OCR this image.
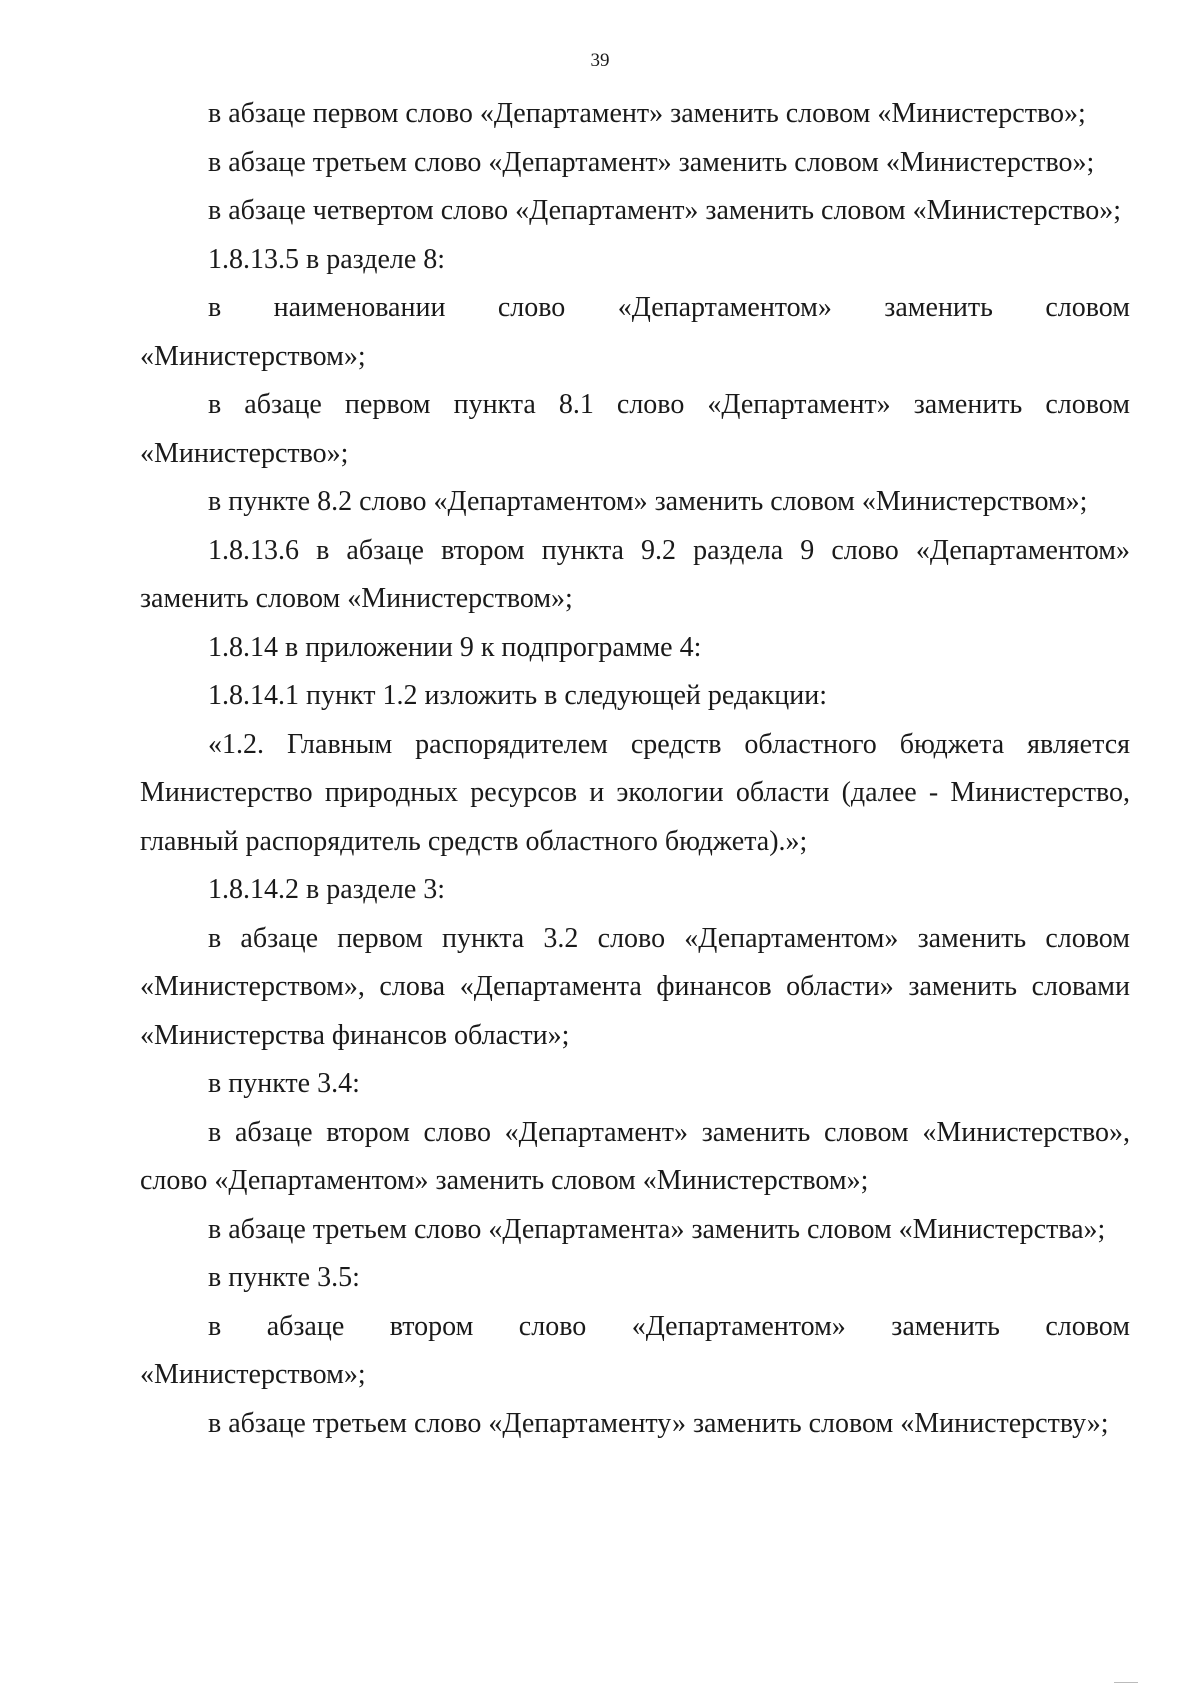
39

в абзаце первом слово «Департамент» заменить словом «Министерство»;

в абзаце третьем слово «Департамент» заменить словом «Министерство»;

в абзаце четвертом слово «Департамент» заменить словом «Министерство»;

1.8.13.5 в разделе 8:

в наименовании слово «Департаментом» заменить словом «Министерством»;

в абзаце первом пункта 8.1 слово «Департамент» заменить словом «Министерство»;

в пункте 8.2 слово «Департаментом» заменить словом «Министерством»;

1.8.13.6 в абзаце втором пункта 9.2 раздела 9 слово «Департаментом» заменить словом «Министерством»;

1.8.14 в приложении 9 к подпрограмме 4:

1.8.14.1 пункт 1.2 изложить в следующей редакции:

«1.2. Главным распорядителем средств областного бюджета является Министерство природных ресурсов и экологии области (далее - Министерство, главный распорядитель средств областного бюджета).»;

1.8.14.2 в разделе 3:

в абзаце первом пункта 3.2 слово «Департаментом» заменить словом «Министерством», слова «Департамента финансов области» заменить словами «Министерства финансов области»;

в пункте 3.4:

в абзаце втором слово «Департамент» заменить словом «Министерство», слово «Департаментом» заменить словом «Министерством»;

в абзаце третьем слово «Департамента» заменить словом «Министерства»;

в пункте 3.5:

в абзаце втором слово «Департаментом» заменить словом «Министерством»;

в абзаце третьем слово «Департаменту» заменить словом «Министерству»;
